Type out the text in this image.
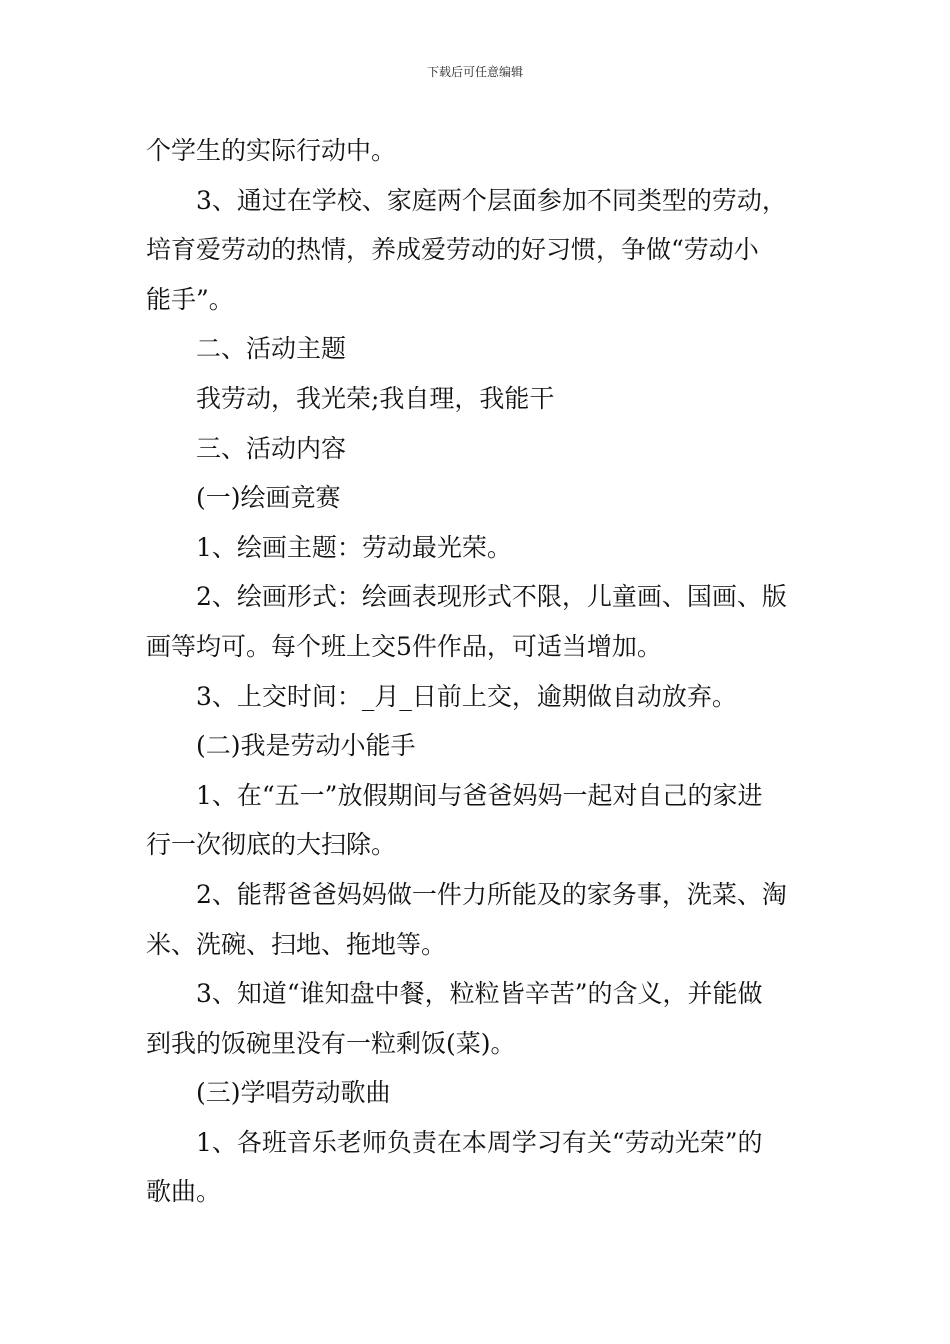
下载后可任意编辑
个学生的实际行动中。
3、通过在学校、家庭两个层面参加不同类型的劳动，
培育爱劳动的热情，养成爱劳动的好习惯，争做“劳动小
能手”。
二、活动主题
我劳动，我光荣;我自理，我能干
三、活动内容
(一)绘画竞赛
1、绘画主题：劳动最光荣。
2、绘画形式：绘画表现形式不限，儿童画、国画、版
画等均可。每个班上交5件作品，可适当增加。
3、上交时间：_月_日前上交，逾期做自动放弃。
(二)我是劳动小能手
1、在“五一”放假期间与爸爸妈妈一起对自己的家进
行一次彻底的大扫除。
2、能帮爸爸妈妈做一件力所能及的家务事，洗菜、淘
米、洗碗、扫地、拖地等。
3、知道“谁知盘中餐，粒粒皆辛苦”的含义，并能做
到我的饭碗里没有一粒剩饭(菜)。
(三)学唱劳动歌曲
1、各班音乐老师负责在本周学习有关“劳动光荣”的
歌曲。
